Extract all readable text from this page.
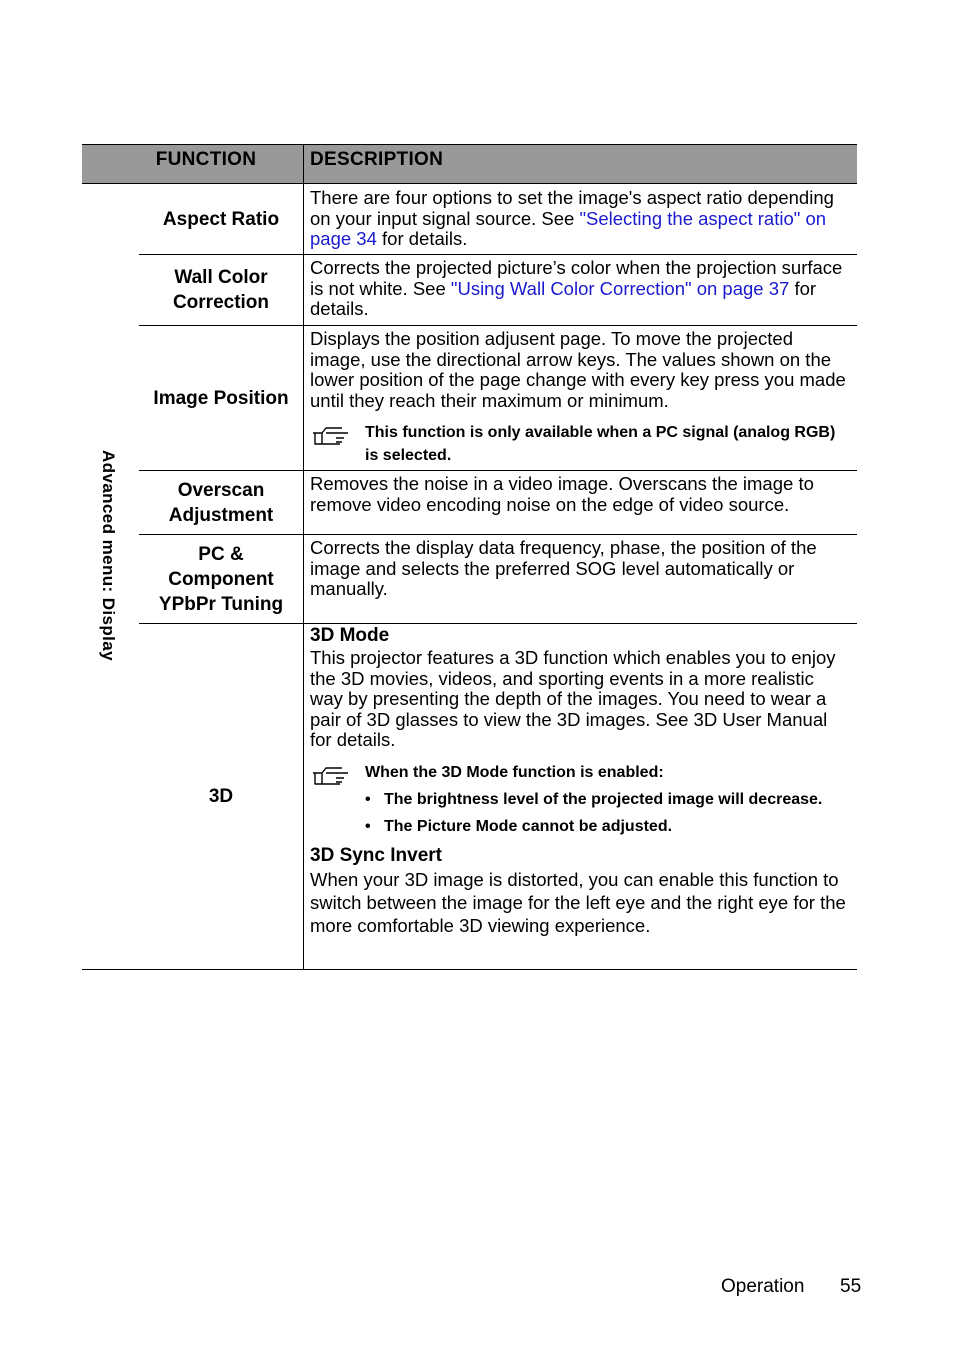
FUNCTION	DESCRIPTION
Advanced menu: Display
Aspect Ratio
There are four options to set the image's aspect ratio depending on your input signal source. See "Selecting the aspect ratio" on page 34 for details.
Wall Color Correction
Corrects the projected picture’s color when the projection surface is not white. See "Using Wall Color Correction" on page 37 for details.
Image Position
Displays the position adjusent page. To move the projected image, use the directional arrow keys. The values shown on the lower position of the page change with every key press you made until they reach their maximum or minimum.
This function is only available when a PC signal (analog RGB) is selected.
Overscan Adjustment
Removes the noise in a video image. Overscans the image to remove video encoding noise on the edge of video source.
PC & Component YPbPr Tuning
Corrects the display data frequency, phase, the position of the image and selects the preferred SOG level automatically or manually.
3D
3D Mode
This projector features a 3D function which enables you to enjoy the 3D movies, videos, and sporting events in a more realistic way by presenting the depth of the images. You need to wear a pair of 3D glasses to view the 3D images. See 3D User Manual for details.
When the 3D Mode function is enabled:
• The brightness level of the projected image will decrease.
• The Picture Mode cannot be adjusted.
3D Sync Invert
When your 3D image is distorted, you can enable this function to switch between the image for the left eye and the right eye for the more comfortable 3D viewing experience.
Operation 55
